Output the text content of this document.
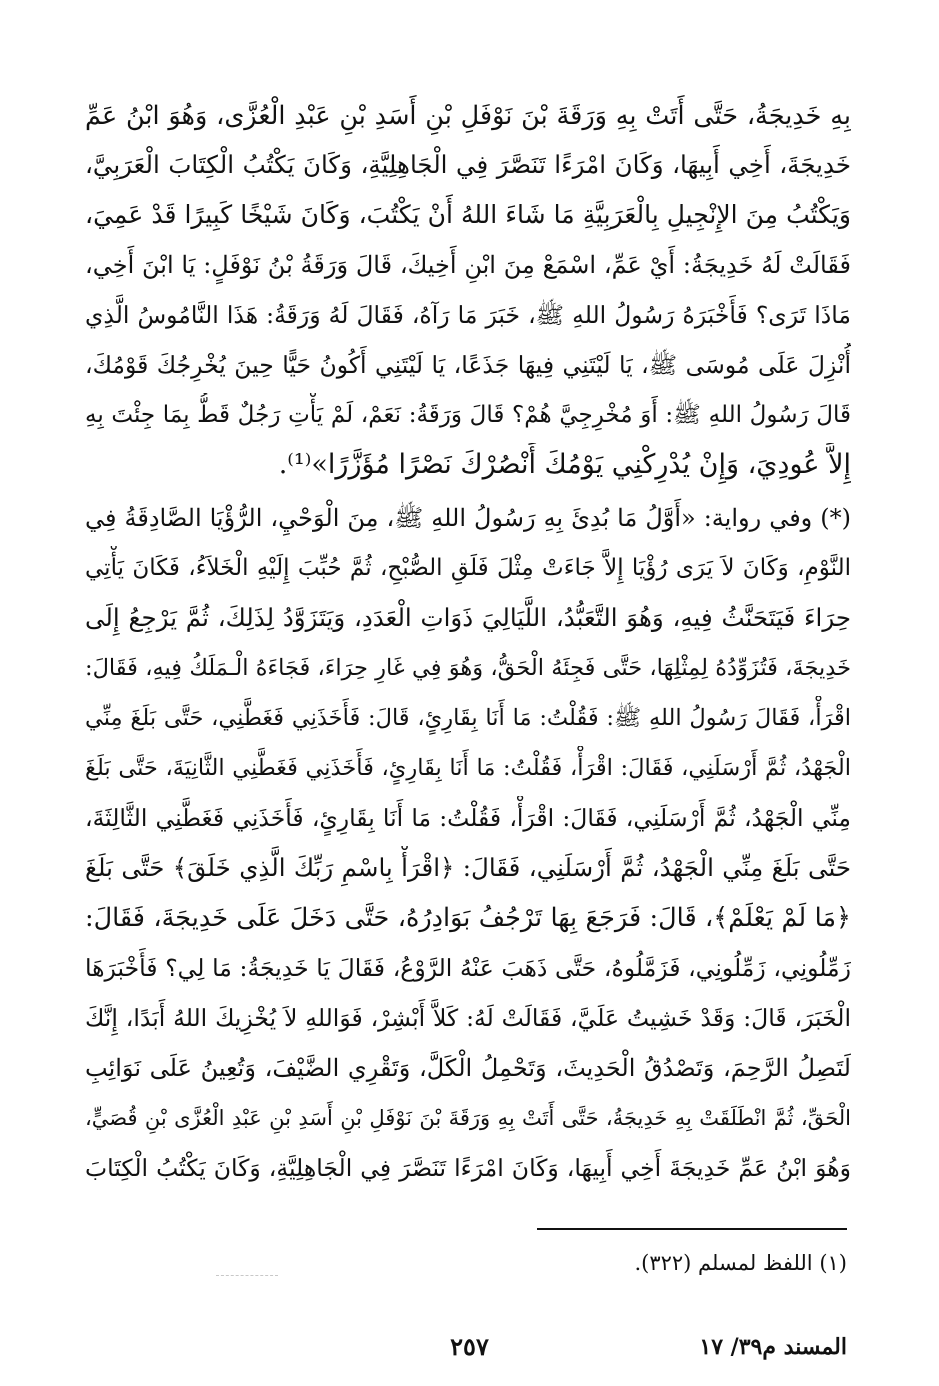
بِهِ خَدِيجَةُ، حَتَّى أَتَتْ بِهِ وَرَقَةَ بْنَ نَوْفَلِ بْنِ أَسَدِ بْنِ عَبْدِ الْعُزَّى، وَهُوَ ابْنُ عَمِّ
خَدِيجَةَ، أَخِي أَبِيهَا، وَكَانَ امْرَءًا تَنَصَّرَ فِي الْجَاهِلِيَّةِ، وَكَانَ يَكْتُبُ الْكِتَابَ الْعَرَبِيَّ،
وَيَكْتُبُ مِنَ الإِنْجِيلِ بِالْعَرَبِيَّةِ مَا شَاءَ اللهُ أَنْ يَكْتُبَ، وَكَانَ شَيْخًا كَبِيرًا قَدْ عَمِيَ،
فَقَالَتْ لَهُ خَدِيجَةُ: أَيْ عَمِّ، اسْمَعْ مِنَ ابْنِ أَخِيكَ، قَالَ وَرَقَةُ بْنُ نَوْفَلٍ: يَا ابْنَ أَخِي،
مَاذَا تَرَى؟ فَأَخْبَرَهُ رَسُولُ اللهِ ﷺ، خَبَرَ مَا رَآهُ، فَقَالَ لَهُ وَرَقَةُ: هَذَا النَّامُوسُ الَّذِي
أُنْزِلَ عَلَى مُوسَى ﷺ، يَا لَيْتَنِي فِيهَا جَذَعًا، يَا لَيْتَنِي أَكُونُ حَيًّا حِينَ يُخْرِجُكَ قَوْمُكَ،
قَالَ رَسُولُ اللهِ ﷺ: أَوَ مُخْرِجِيَّ هُمْ؟ قَالَ وَرَقَةُ: نَعَمْ، لَمْ يَأْتِ رَجُلٌ قَطُّ بِمَا جِئْتَ بِهِ
إِلاَّ عُودِيَ، وَإِنْ يُدْرِكْنِي يَوْمُكَ أَنْصُرْكَ نَصْرًا مُؤَزَّرًا»⁽¹⁾.
(*) وفي رواية: «أَوَّلُ مَا بُدِئَ بِهِ رَسُولُ اللهِ ﷺ، مِنَ الْوَحْيِ، الرُّؤْيَا الصَّادِقَةُ فِي
النَّوْمِ، وَكَانَ لاَ يَرَى رُؤْيَا إِلاَّ جَاءَتْ مِثْلَ فَلَقِ الصُّبْحِ، ثُمَّ حُبِّبَ إِلَيْهِ الْخَلاَءُ، فَكَانَ يَأْتِي
حِرَاءَ فَيَتَحَنَّثُ فِيهِ، وَهُوَ التَّعَبُّدُ، اللَّيَالِيَ ذَوَاتِ الْعَدَدِ، وَيَتَزَوَّدُ لِذَلِكَ، ثُمَّ يَرْجِعُ إِلَى
خَدِيجَةَ، فَتُزَوِّدُهُ لِمِثْلِهَا، حَتَّى فَجِئَهُ الْحَقُّ، وَهُوَ فِي غَارِ حِرَاءَ، فَجَاءَهُ الْـمَلَكُ فِيهِ، فَقَالَ:
اقْرَأْ، فَقَالَ رَسُولُ اللهِ ﷺ: فَقُلْتُ: مَا أَنَا بِقَارِئٍ، قَالَ: فَأَخَذَنِي فَغَطَّنِي، حَتَّى بَلَغَ مِنِّي
الْجَهْدُ، ثُمَّ أَرْسَلَنِي، فَقَالَ: اقْرَأْ، فَقُلْتُ: مَا أَنَا بِقَارِئٍ، فَأَخَذَنِي فَغَطَّنِي الثَّانِيَةَ، حَتَّى بَلَغَ
مِنِّي الْجَهْدُ، ثُمَّ أَرْسَلَنِي، فَقَالَ: اقْرَأْ، فَقُلْتُ: مَا أَنَا بِقَارِئٍ، فَأَخَذَنِي فَغَطَّنِي الثَّالِثَةَ،
حَتَّى بَلَغَ مِنِّي الْجَهْدُ، ثُمَّ أَرْسَلَنِي، فَقَالَ: ﴿اقْرَأْ بِاسْمِ رَبِّكَ الَّذِي خَلَقَ﴾ حَتَّى بَلَغَ
﴿مَا لَمْ يَعْلَمْ﴾، قَالَ: فَرَجَعَ بِهَا تَرْجُفُ بَوَادِرُهُ، حَتَّى دَخَلَ عَلَى خَدِيجَةَ، فَقَالَ:
زَمِّلُونِي، زَمِّلُونِي، فَزَمَّلُوهُ، حَتَّى ذَهَبَ عَنْهُ الرَّوْعُ، فَقَالَ يَا خَدِيجَةُ: مَا لِي؟ فَأَخْبَرَهَا
الْخَبَرَ، قَالَ: وَقَدْ خَشِيتُ عَلَيَّ، فَقَالَتْ لَهُ: كَلاَّ أَبْشِرْ، فَوَاللهِ لاَ يُخْزِيكَ اللهُ أَبَدًا، إِنَّكَ
لَتَصِلُ الرَّحِمَ، وَتَصْدُقُ الْحَدِيثَ، وَتَحْمِلُ الْكَلَّ، وَتَقْرِي الضَّيْفَ، وَتُعِينُ عَلَى نَوَائِبِ
الْحَقِّ، ثُمَّ انْطَلَقَتْ بِهِ خَدِيجَةُ، حَتَّى أَتَتْ بِهِ وَرَقَةَ بْنَ نَوْفَلِ بْنِ أَسَدِ بْنِ عَبْدِ الْعُزَّى بْنِ قُصَيٍّ،
وَهُوَ ابْنُ عَمِّ خَدِيجَةَ أَخِي أَبِيهَا، وَكَانَ امْرَءًا تَنَصَّرَ فِي الْجَاهِلِيَّةِ، وَكَانَ يَكْتُبُ الْكِتَابَ
(١) اللفظ لمسلم (٣٢٢).
٢٥٧	المسند م٣٩/ ١٧
